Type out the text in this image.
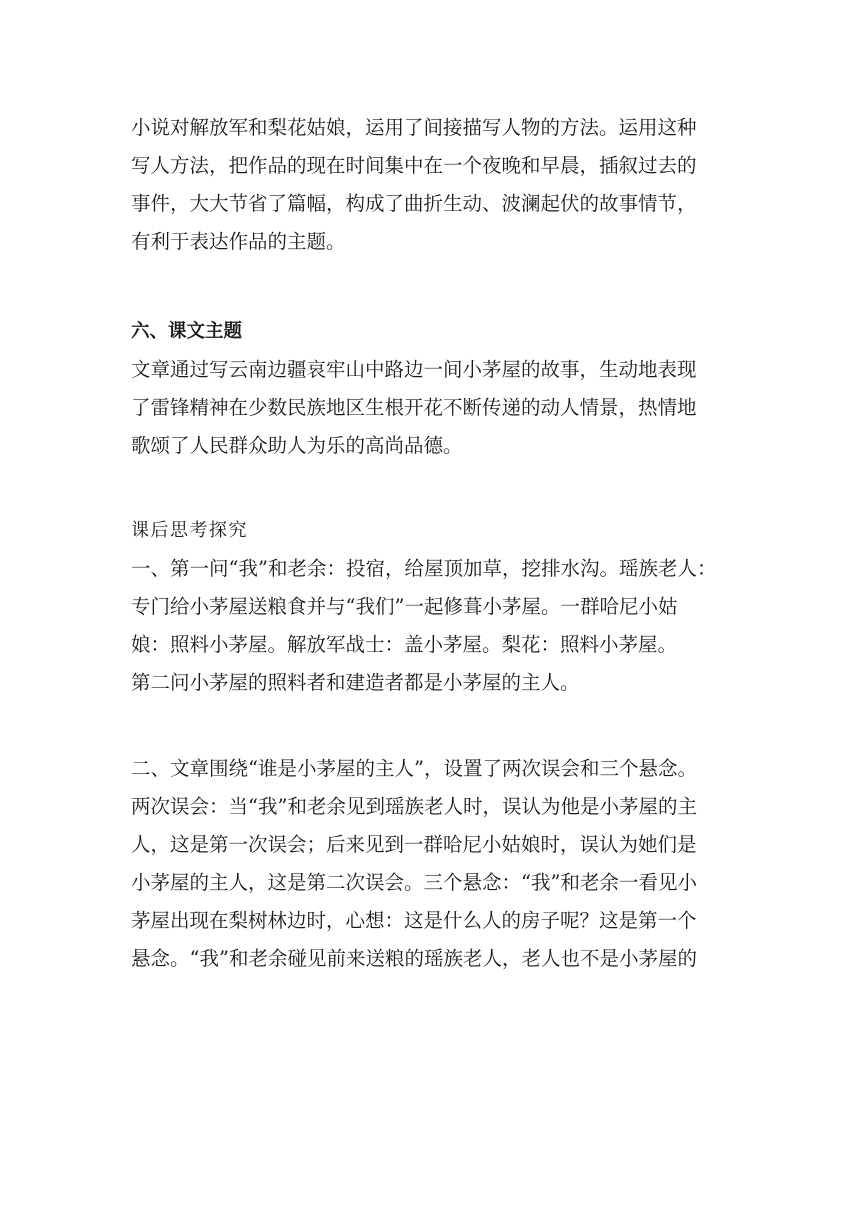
小说对解放军和梨花姑娘，运用了间接描写人物的方法。运用这种
写人方法，把作品的现在时间集中在一个夜晚和早晨，插叙过去的
事件，大大节省了篇幅，构成了曲折生动、波澜起伏的故事情节，
有利于表达作品的主题。
六、课文主题
文章通过写云南边疆哀牢山中路边一间小茅屋的故事，生动地表现
了雷锋精神在少数民族地区生根开花不断传递的动人情景，热情地
歌颂了人民群众助人为乐的高尚品德。
课后思考探究
一、第一问“我”和老余：投宿，给屋顶加草，挖排水沟。瑶族老人：
专门给小茅屋送粮食并与“我们”一起修葺小茅屋。一群哈尼小姑
娘：照料小茅屋。解放军战士：盖小茅屋。梨花：照料小茅屋。
第二问小茅屋的照料者和建造者都是小茅屋的主人。
二、文章围绕“谁是小茅屋的主人”，设置了两次误会和三个悬念。
两次误会：当“我”和老余见到瑶族老人时，误认为他是小茅屋的主
人，这是第一次误会；后来见到一群哈尼小姑娘时，误认为她们是
小茅屋的主人，这是第二次误会。三个悬念：“我”和老余一看见小
茅屋出现在梨树林边时，心想：这是什么人的房子呢？这是第一个
悬念。“我”和老余碰见前来送粮的瑶族老人，老人也不是小茅屋的
